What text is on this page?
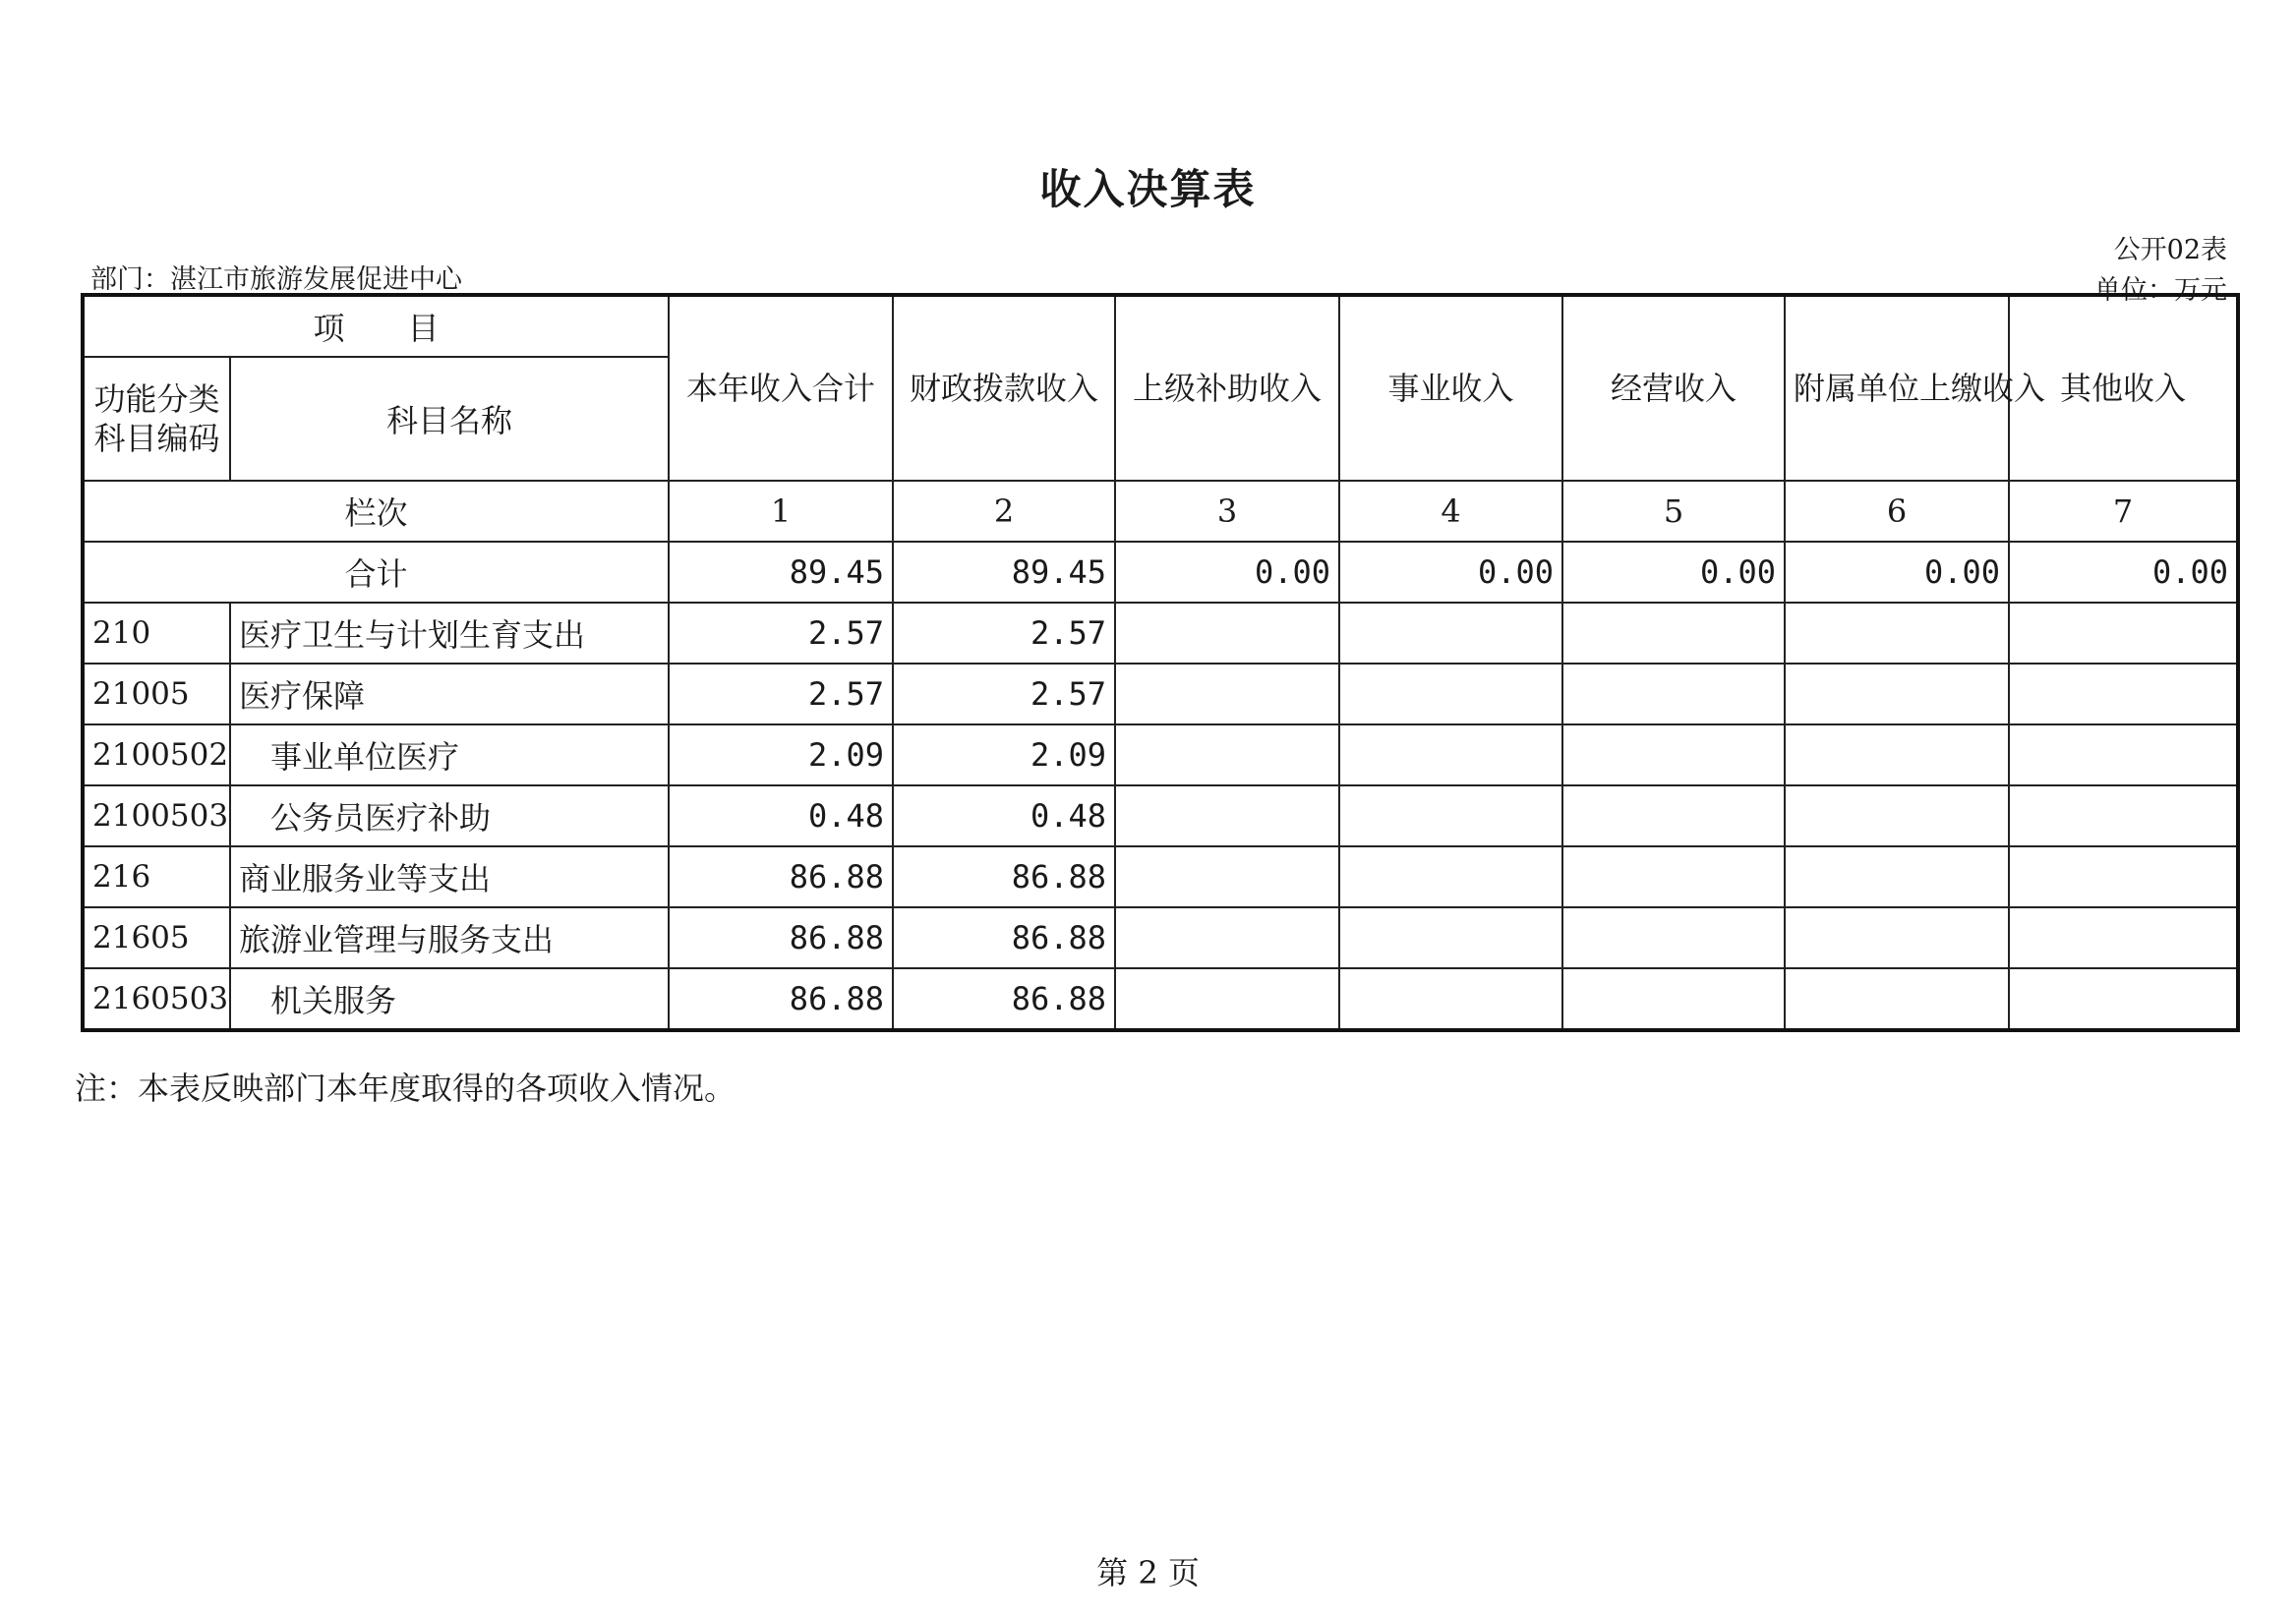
收入决算表
公开02表
部门：湛江市旅游发展促进中心	单位：万元
项　　目		本年收入合计	财政拨款收入	上级补助收入	事业收入	经营收入	附属单位上缴收入	其他收入
功能分类科目编码	科目名称							
栏次		1	2	3	4	5	6	7
合计		89.45	89.45	0.00	0.00	0.00	0.00	0.00
210	医疗卫生与计划生育支出	2.57	2.57					
21005	医疗保障	2.57	2.57					
2100502	事业单位医疗	2.09	2.09					
2100503	公务员医疗补助	0.48	0.48					
216	商业服务业等支出	86.88	86.88					
21605	旅游业管理与服务支出	86.88	86.88					
2160503	机关服务	86.88	86.88					
注：本表反映部门本年度取得的各项收入情况。
第 2 页
